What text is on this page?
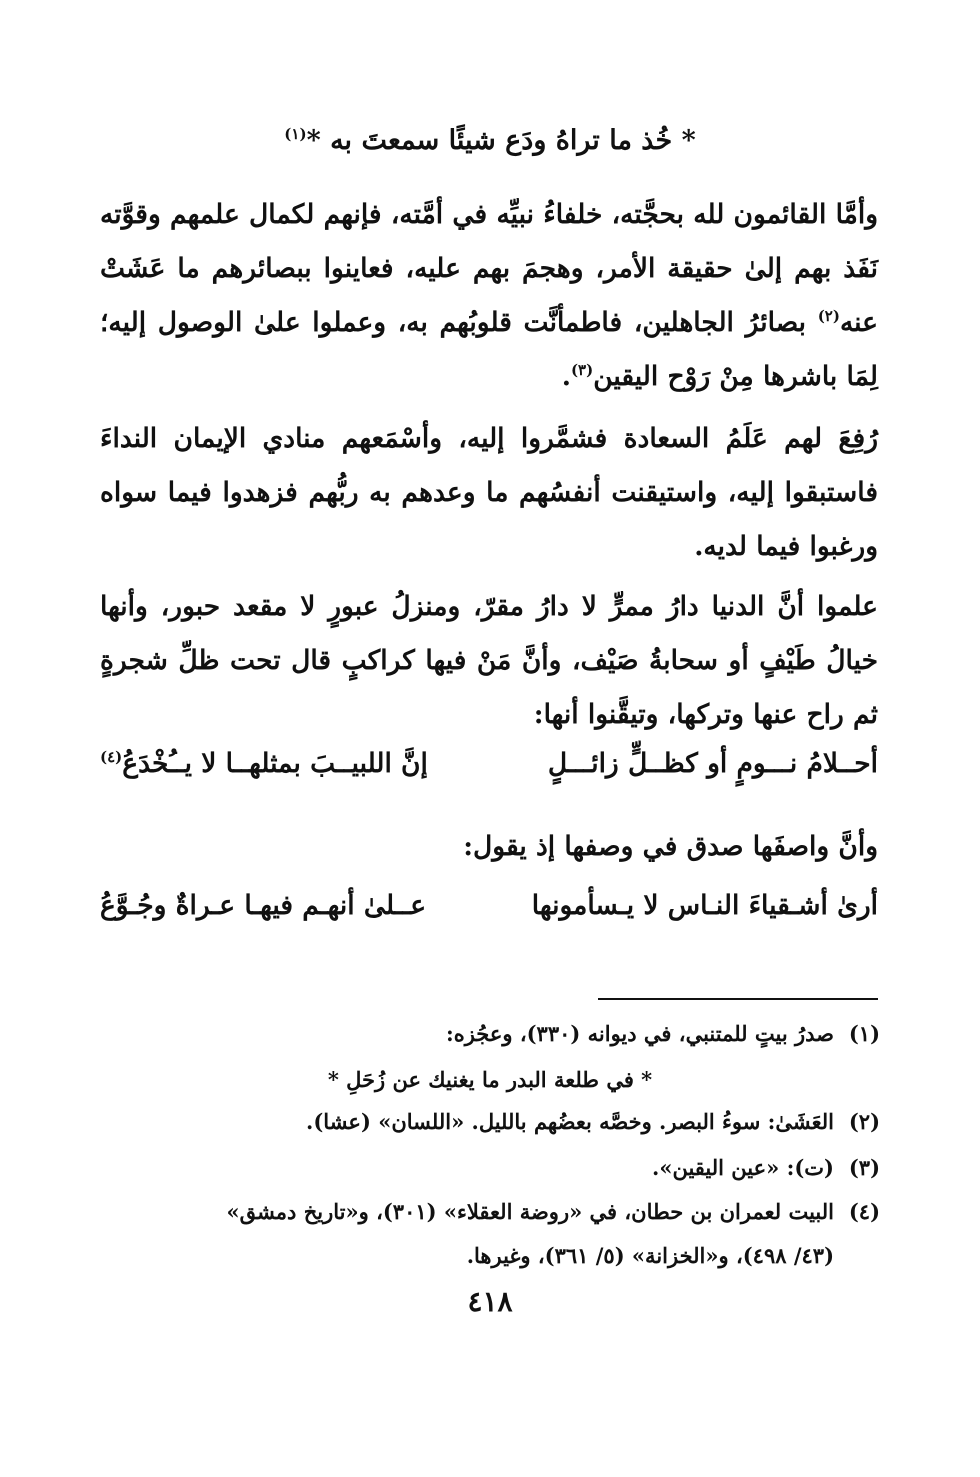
* خُذ ما تراهُ ودَع شيئًا سمعتَ به *$^{(١)}$
وأمَّا القائمون لله بحجَّته، خلفاءُ نبيِّه في أمَّته، فإنهم لكمال علمهم وقوَّته نَفَذ بهم إلىٰ حقيقة الأمر، وهجمَ بهم عليه، فعاينوا ببصائرهم ما عَشَتْ عنه$^{(٢)}$ بصائرُ الجاهلين، فاطمأنَّت قلوبُهم به، وعملوا علىٰ الوصول إليه؛ لِمَا باشرها مِنْ رَوْح اليقين$^{(٣)}$.
رُفِعَ لهم عَلَمُ السعادة فشمَّروا إليه، وأسْمَعهم منادي الإيمان النداءَ فاستبقوا إليه، واستيقنت أنفسُهم ما وعدهم به ربُّهم فزهدوا فيما سواه ورغبوا فيما لديه.
علموا أنَّ الدنيا دارُ ممرٍّ لا دارُ مقرّ، ومنزلُ عبورٍ لا مقعد حبور، وأنها خيالُ طَيْفٍ أو سحابةُ صَيْف، وأنَّ مَنْ فيها كراكبٍ قال تحت ظلِّ شجرةٍ ثم راح عنها وتركها، وتيقَّنوا أنها:
أحــلامُ نـــومٍ أو كظــلٍّ زائـــلٍ
إنَّ اللبيــبَ بمثلهــا لا يــُخْدَعُ$^{(٤)}$
وأنَّ واصفَها صدق في وصفها إذ يقول:
أرىٰ أشـقياءَ النـاس لا يـسأمونها
عــلىٰ أنهـم فيهـا عـراةٌ وجُـوَّعُ
(١)صدرُ بيتٍ للمتنبي، في ديوانه (٣٣٠)، وعجُزه:
* في طلعة البدر ما يغنيك عن زُحَلِ *
(٢)العَشَىٰ: سوءُ البصر. وخصَّه بعضُهم بالليل. «اللسان» (عشا).
(٣)(ت): «عين اليقين».
(٤)البيت لعمران بن حطان، في «روضة العقلاء» (٣٠١)، و«تاريخ دمشق»
(٤٣/ ٤٩٨)، و«الخزانة» (٥/ ٣٦١)، وغيرها.
٤١٨
